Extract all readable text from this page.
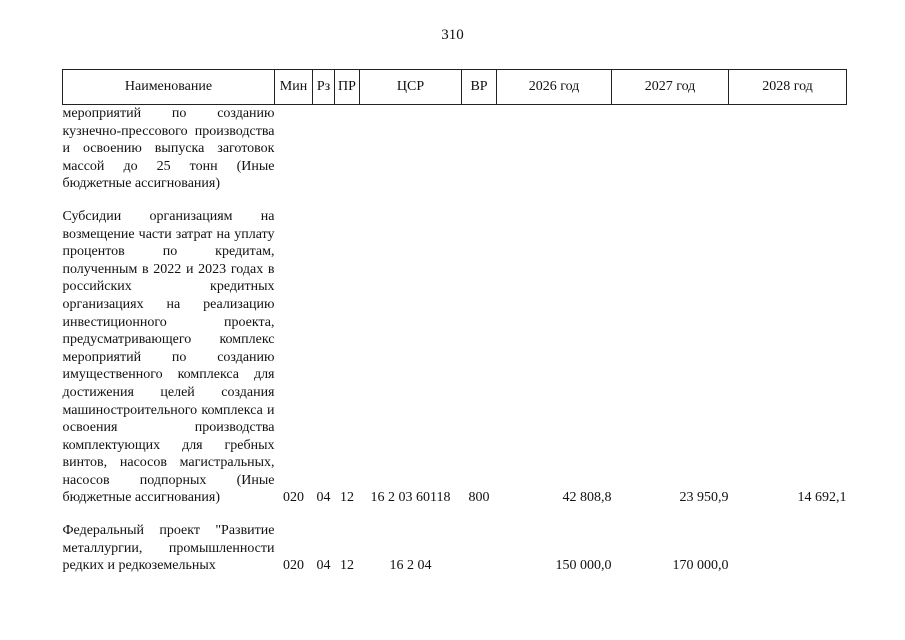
310
Наименование	Мин	Рз	ПР	ЦСР	ВР	2026 год	2027 год	2028 год
мероприятий по созданию кузнечно-прессового производства и освоению выпуска заготовок массой до 25 тонн (Иные бюджетные ассигнования)								

Субсидии организациям на возмещение части затрат на уплату процентов по кредитам, полученным в 2022 и 2023 годах в российских кредитных организациях на реализацию инвестиционного проекта, предусматривающего комплекс мероприятий по созданию имущественного комплекса для достижения целей создания машиностроительного комплекса и освоения производства комплектующих для гребных винтов, насосов магистральных, насосов подпорных (Иные бюджетные ассигнования)	020	04	12	16 2 03 60118	800	42 808,8	23 950,9	14 692,1

Федеральный проект "Развитие металлургии, промышленности редких и редкоземельных	020	04	12	16 2 04		150 000,0	170 000,0	
